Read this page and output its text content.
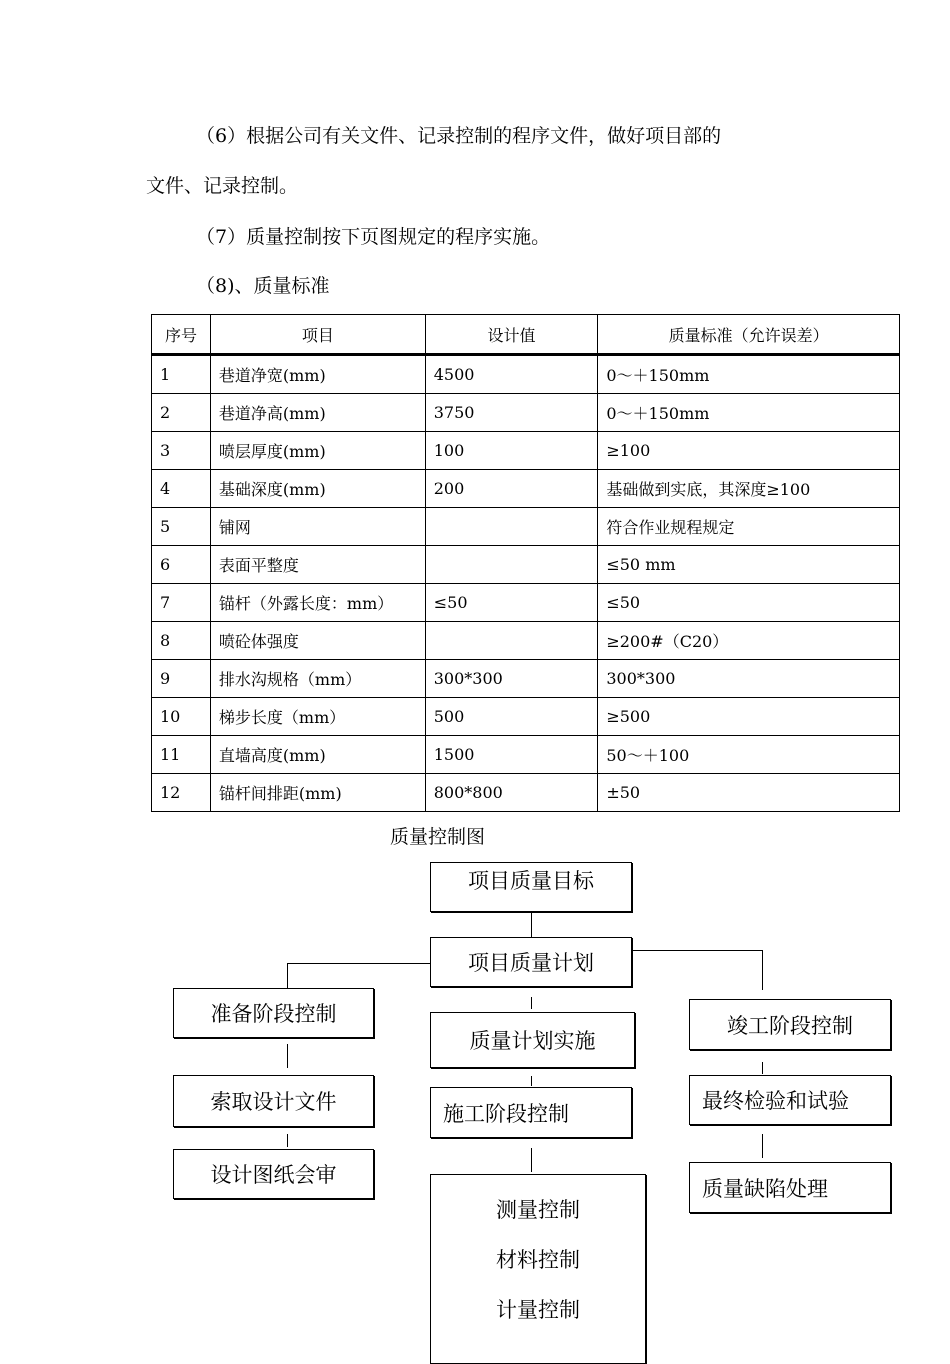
（6）根据公司有关文件、记录控制的程序文件，做好项目部的
文件、记录控制。
（7）质量控制按下页图规定的程序实施。
（8)、质量标准
序号	项目	设计值	质量标准（允许误差）
1	巷道净宽(mm)	4500	0～＋150mm
2	巷道净高(mm)	3750	0～＋150mm
3	喷层厚度(mm)	100	≥100
4	基础深度(mm)	200	基础做到实底，其深度≥100
5	铺网		符合作业规程规定
6	表面平整度		≤50 mm
7	锚杆（外露长度：mm）	≤50	≤50
8	喷砼体强度		≥200#（C20）
9	排水沟规格（mm）	300*300	300*300
10	梯步长度（mm）	500	≥500
11	直墙高度(mm)	1500	50～＋100
12	锚杆间排距(mm)	800*800	±50
质量控制图
项目质量目标
项目质量计划
准备阶段控制
索取设计文件
设计图纸会审
质量计划实施
施工阶段控制
测量控制
材料控制
计量控制
竣工阶段控制
最终检验和试验
质量缺陷处理
